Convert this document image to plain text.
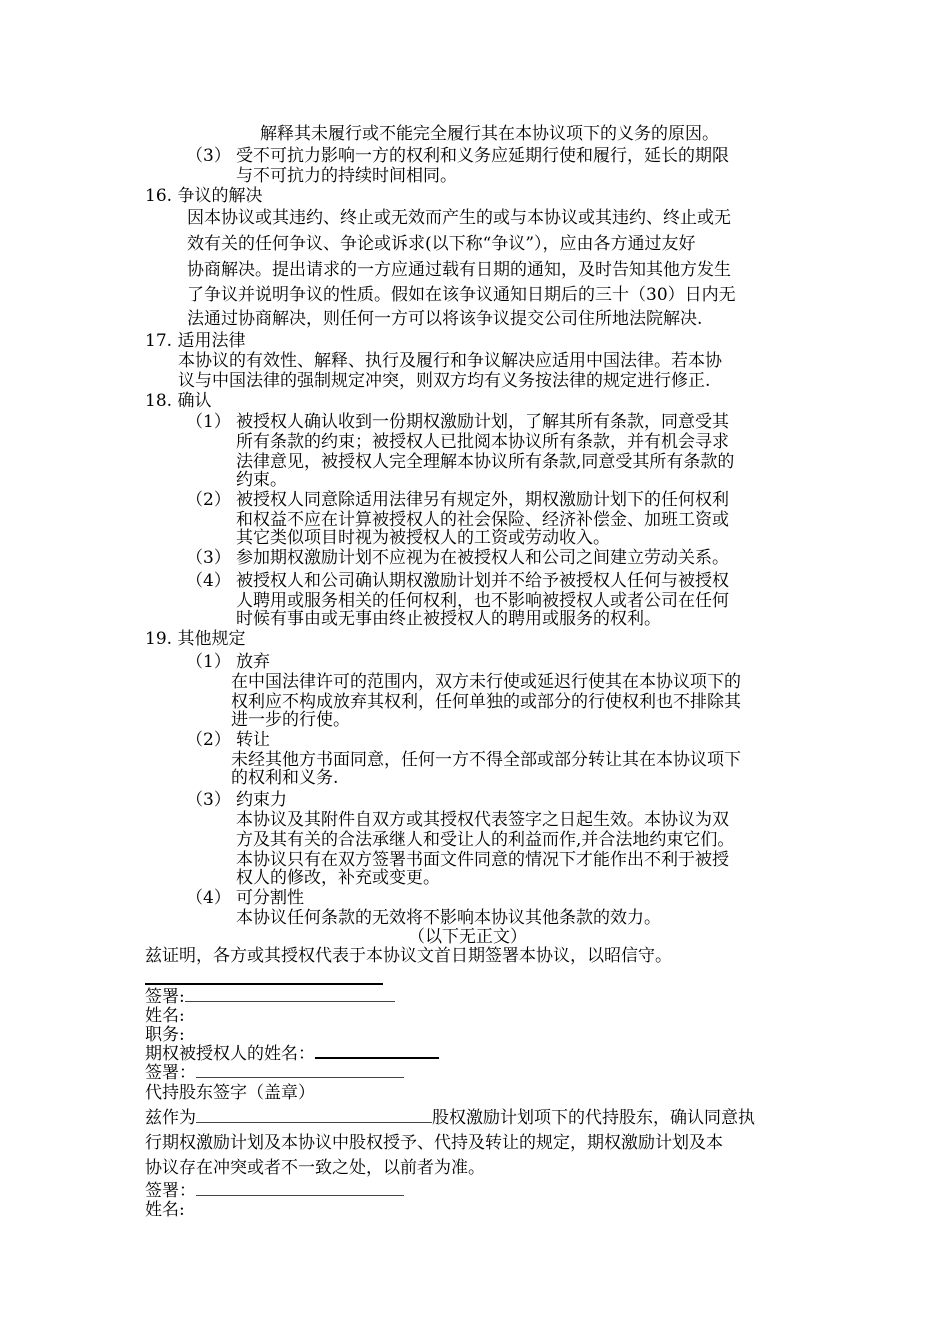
解释其未履行或不能完全履行其在本协议项下的义务的原因。
（3） 受不可抗力影响一方的权利和义务应延期行使和履行，延长的期限
与不可抗力的持续时间相同。
16. 争议的解决
因本协议或其违约、终止或无效而产生的或与本协议或其违约、终止或无
效有关的任何争议、争论或诉求(以下称“争议”），应由各方通过友好
协商解决。提出请求的一方应通过载有日期的通知，及时告知其他方发生
了争议并说明争议的性质。假如在该争议通知日期后的三十（30）日内无
法通过协商解决，则任何一方可以将该争议提交公司住所地法院解决.
17. 适用法律
本协议的有效性、解释、执行及履行和争议解决应适用中国法律。若本协
议与中国法律的强制规定冲突，则双方均有义务按法律的规定进行修正.
18. 确认
（1） 被授权人确认收到一份期权激励计划，了解其所有条款，同意受其
所有条款的约束；被授权人已批阅本协议所有条款，并有机会寻求
法律意见，被授权人完全理解本协议所有条款,同意受其所有条款的
约束。
（2） 被授权人同意除适用法律另有规定外，期权激励计划下的任何权利
和权益不应在计算被授权人的社会保险、经济补偿金、加班工资或
其它类似项目时视为被授权人的工资或劳动收入。
（3） 参加期权激励计划不应视为在被授权人和公司之间建立劳动关系。
（4） 被授权人和公司确认期权激励计划并不给予被授权人任何与被授权
人聘用或服务相关的任何权利，也不影响被授权人或者公司在任何
时候有事由或无事由终止被授权人的聘用或服务的权利。
19. 其他规定
（1） 放弃
在中国法律许可的范围内，双方未行使或延迟行使其在本协议项下的
权利应不构成放弃其权利，任何单独的或部分的行使权利也不排除其
进一步的行使。
（2） 转让
未经其他方书面同意，任何一方不得全部或部分转让其在本协议项下
的权利和义务.
（3） 约束力
本协议及其附件自双方或其授权代表签字之日起生效。本协议为双
方及其有关的合法承继人和受让人的利益而作,并合法地约束它们。
本协议只有在双方签署书面文件同意的情况下才能作出不利于被授
权人的修改，补充或变更。
（4） 可分割性
本协议任何条款的无效将不影响本协议其他条款的效力。
（以下无正文）
兹证明，各方或其授权代表于本协议文首日期签署本协议，以昭信守。
签署:
姓名:
职务:
期权被授权人的姓名：
签署：
代持股东签字（盖章）
兹作为	股权激励计划项下的代持股东，确认同意执
行期权激励计划及本协议中股权授予、代持及转让的规定，期权激励计划及本
协议存在冲突或者不一致之处，以前者为准。
签署：
姓名:
